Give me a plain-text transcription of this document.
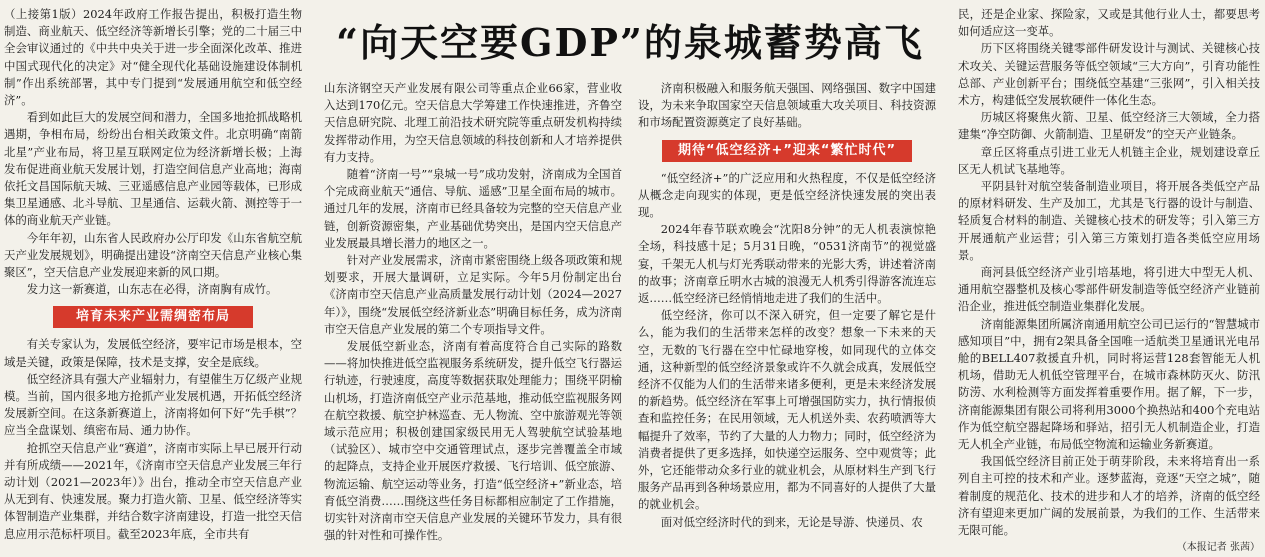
“向天空要GDP”的泉城蓄势高飞

（上接第1版）2024年政府工作报告提出，积极打造生物制造、商业航天、低空经济等新增长引擎；党的二十届三中全会审议通过的《中共中央关于进一步全面深化改革、推进中国式现代化的决定》对“健全现代化基础设施建设体制机制”作出系统部署，其中专门提到“发展通用航空和低空经济”。

看到如此巨大的发展空间和潜力，全国多地抢抓战略机遇期，争相布局，纷纷出台相关政策文件。北京明确“南箭北星”产业布局，将卫星互联网定位为经济新增长极；上海发布促进商业航天发展计划，打造空间信息产业高地；海南依托文昌国际航天城、三亚遥感信息产业园等载体，已形成集卫星通感、北斗导航、卫星通信、运载火箭、测控等于一体的商业航天产业链。

今年年初，山东省人民政府办公厅印发《山东省航空航天产业发展规划》，明确提出建设“济南空天信息产业核心集聚区”，空天信息产业发展迎来新的风口期。

发力这一新赛道，山东志在必得，济南胸有成竹。

培育未来产业需绸密布局

有关专家认为，发展低空经济，要牢记市场是根本，空域是关键，政策是保障，技术是支撑，安全是底线。

低空经济具有强大产业辐射力，有望催生万亿级产业规模。当前，国内很多地方抢抓产业发展机遇，开拓低空经济发展新空间。在这条新赛道上，济南将如何下好“先手棋”？应当全盘谋划、缜密布局、通力协作。

抢抓空天信息产业“赛道”，济南市实际上早已展开行动并有所成绩——2021年，《济南市空天信息产业发展三年行动计划（2021—2023年）》出台，推动全市空天信息产业从无到有、快速发展。聚力打造火箭、卫星、低空经济等实体智制造产业集群，并结合数字济南建设，打造一批空天信息应用示范标杆项目。截至2023年底，全市共有

山东济钢空天产业发展有限公司等重点企业66家，营业收入达到170亿元。空天信息大学筹建工作快速推进，齐鲁空天信息研究院、北理工前沿技术研究院等重点研发机构持续发挥带动作用，为空天信息领域的科技创新和人才培养提供有力支持。

随着“济南一号”“泉城一号”成功发射，济南成为全国首个完成商业航天“通信、导航、遥感”卫星全面布局的城市。通过几年的发展，济南市已经具备较为完整的空天信息产业链，创新资源密集，产业基础优势突出，是国内空天信息产业发展最具增长潜力的地区之一。

针对产业发展需求，济南市紧密围绕上级各项政策和规划要求，开展大量调研，立足实际。今年5月份制定出台《济南市空天信息产业高质量发展行动计划（2024—2027年）》，围绕“发展低空经济新业态”明确目标任务，成为济南市空天信息产业发展的第二个专项指导文件。

发展低空新业态，济南有着高度符合自己实际的路数——将加快推进低空监视服务系统研发，提升低空飞行器运行轨迹，行驶速度，高度等数据获取处理能力；围绕平阴榆山机场，打造济南低空产业示范基地，推动低空监视服务网在航空救援、航空护林巡查、无人物流、空中旅游观光等领域示范应用；积极创建国家级民用无人驾驶航空试验基地（试验区）、城市空中交通管理试点，逐步完善覆盖全市域的起降点，支持企业开展医疗救援、飞行培训、低空旅游、物流运输、航空运动等业务，打造“低空经济+”新业态，培育低空消费……围绕这些任务目标都相应制定了工作措施，切实针对济南市空天信息产业发展的关键环节发力，具有很强的针对性和可操作性。

济南积极融入和服务航天强国、网络强国、数字中国建设，为未来争取国家空天信息领域重大攻关项目、科技资源和市场配置资源奠定了良好基础。

期待“低空经济+”迎来“繁忙时代”

“低空经济+”的广泛应用和火热程度，不仅是低空经济从概念走向现实的体现，更是低空经济快速发展的突出表现。

2024年春节联欢晚会“沈阳8分钟”的无人机表演惊艳全场，科技感十足；5月31日晚，“0531济南节”的视觉盛宴，千架无人机与灯光秀联动带来的光影大秀，讲述着济南的故事；济南章丘明水古城的浪漫无人机秀引得游客流连忘返……低空经济已经悄悄地走进了我们的生活中。

低空经济，你可以不深入研究，但一定要了解它是什么，能为我们的生活带来怎样的改变？想象一下未来的天空，无数的飞行器在空中忙碌地穿梭，如同现代的立体交通，这种新型的低空经济景象或许不久就会成真，发展低空经济不仅能为人们的生活带来诸多便利，更是未来经济发展的新趋势。低空经济在军事上可增强国防实力，执行情报侦查和监控任务；在民用领域，无人机送外卖、农药喷洒等大幅提升了效率，节约了大量的人力物力；同时，低空经济为消费者提供了更多选择，如快递空运服务、空中观赏等；此外，它还能带动众多行业的就业机会，从原材料生产到飞行服务产品再到各种场景应用，都为不同喜好的人提供了大量的就业机会。

面对低空经济时代的到来，无论是导游、快递员、农

民，还是企业家、探险家，又或是其他行业人士，都要思考如何适应这一变革。

历下区将围绕关键零部件研发设计与测试、关键核心技术攻关、关键运营服务等低空领域“三大方向”，引育功能性总部、产业创新平台；围绕低空基建“三张网”，引入相关技术方，构建低空发展软硬件一体化生态。

历城区将聚焦火箭、卫星、低空经济三大领域，全力搭建集“净空防御、火箭制造、卫星研发”的空天产业链条。

章丘区将重点引进工业无人机链主企业，规划建设章丘区无人机试飞基地等。

平阴县针对航空装备制造业项目，将开展各类低空产品的原材料研发、生产及加工，尤其是飞行器的设计与制造、轻质复合材料的制造、关键核心技术的研发等；引入第三方开展通航产业运营；引入第三方策划打造各类低空应用场景。

商河县低空经济产业引培基地，将引进大中型无人机、通用航空器整机及核心零部件研发制造等低空经济产业链前沿企业，推进低空制造业集群化发展。

济南能源集团所属济南通用航空公司已运行的“智慧城市感知项目”中，拥有2架具备全国唯一适航类卫星通讯光电吊舱的BELL407救援直升机，同时将运营128套智能无人机机场，借助无人机低空管理平台，在城市森林防灭火、防汛防涝、水利检测等方面发挥着重要作用。据了解，下一步，济南能源集团有限公司将利用3000个换热站和400个充电站作为低空航空器起降场和驿站，招引无人机制造企业，打造无人机全产业链，布局低空物流和运输业务新赛道。

我国低空经济目前正处于萌芽阶段，未来将培育出一系列自主可控的技术和产业。逐梦蓝海，竞逐“天空之城”，随着制度的规范化、技术的进步和人才的培养，济南的低空经济有望迎来更加广阔的发展前景，为我们的工作、生活带来无限可能。

（本报记者 张茜）
